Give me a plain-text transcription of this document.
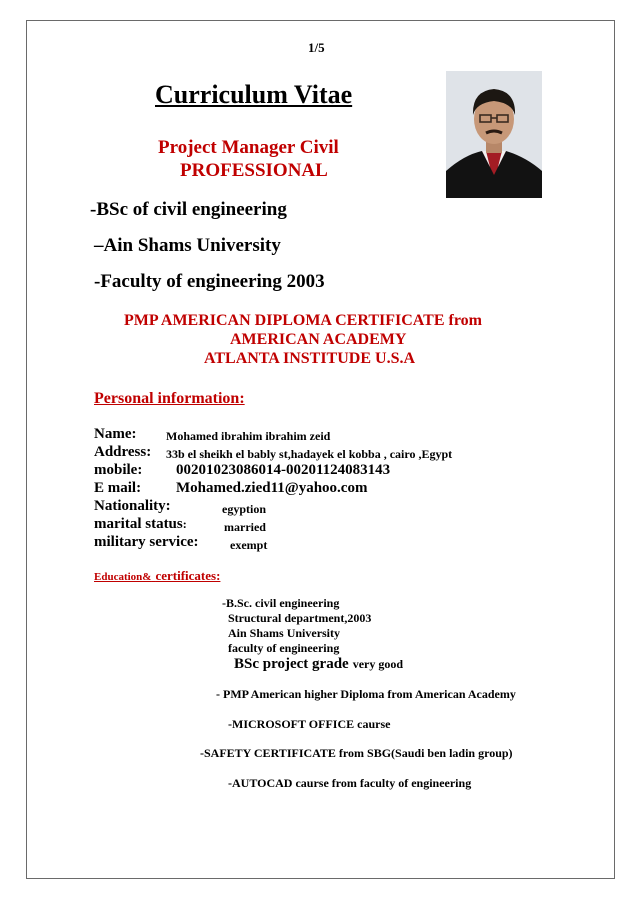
1/5
Curriculum Vitae
Project Manager Civil
PROFESSIONAL
-BSc of civil engineering
–Ain Shams University
-Faculty of engineering 2003
PMP AMERICAN DIPLOMA CERTIFICATE from
AMERICAN ACADEMY
ATLANTA INSTITUDE U.S.A
Personal information:
Name: Mohamed ibrahim ibrahim zeid
Address: 33b el sheikh el bably st,hadayek el kobba , cairo ,Egypt
mobile: 00201023086014-00201124083143
E mail: Mohamed.zied11@yahoo.com
Nationality:	egyption
marital status:	married
military service:	exempt
Education& certificates:
-B.Sc. civil engineering
Structural department,2003
Ain Shams University
faculty of engineering
BSc project grade very good
- PMP American higher Diploma from American Academy
-MICROSOFT OFFICE caurse
-SAFETY CERTIFICATE from SBG(Saudi ben ladin group)
-AUTOCAD caurse from faculty of engineering
